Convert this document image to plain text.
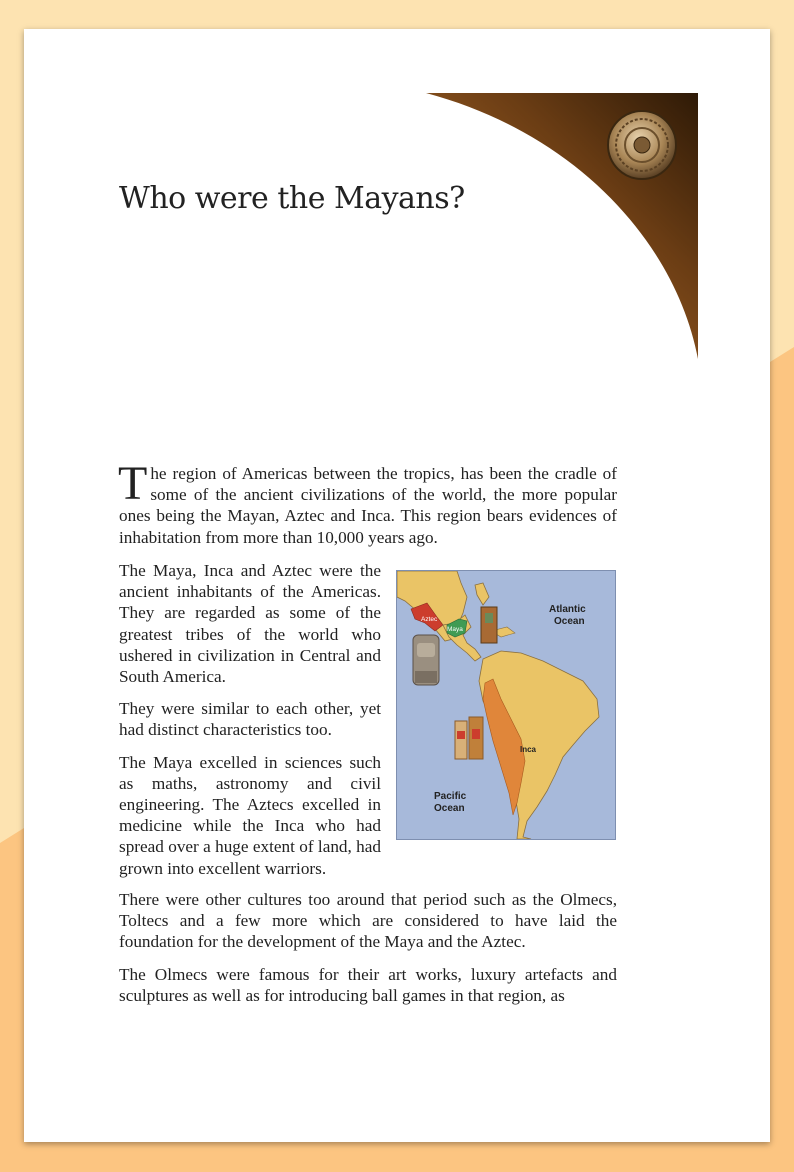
Who were the Mayans?
The region of Americas between the tropics, has been the cradle of some of the ancient civilizations of the world, the more popular ones being the Mayan, Aztec and Inca. This region bears evidences of inhabitation from more than 10,000 years ago.

The Maya, Inca and Aztec were the ancient inhabitants of the Americas. They are regarded as some of the greatest tribes of the world who ushered in civilization in Central and South America.

They were similar to each other, yet had distinct characteristics too.

The Maya excelled in sciences such as maths, astronomy and civil engineering. The Aztecs excelled in medicine while the Inca who had spread over a huge extent of land, had grown into excellent warriors.

Aztec
Maya
Inca
Atlantic
Ocean
Pacific
Ocean

There were other cultures too around that period such as the Olmecs, Toltecs and a few more which are considered to have laid the foundation for the development of the Maya and the Aztec.

The Olmecs were famous for their art works, luxury artefacts and sculptures as well as for introducing ball games in that region, as
